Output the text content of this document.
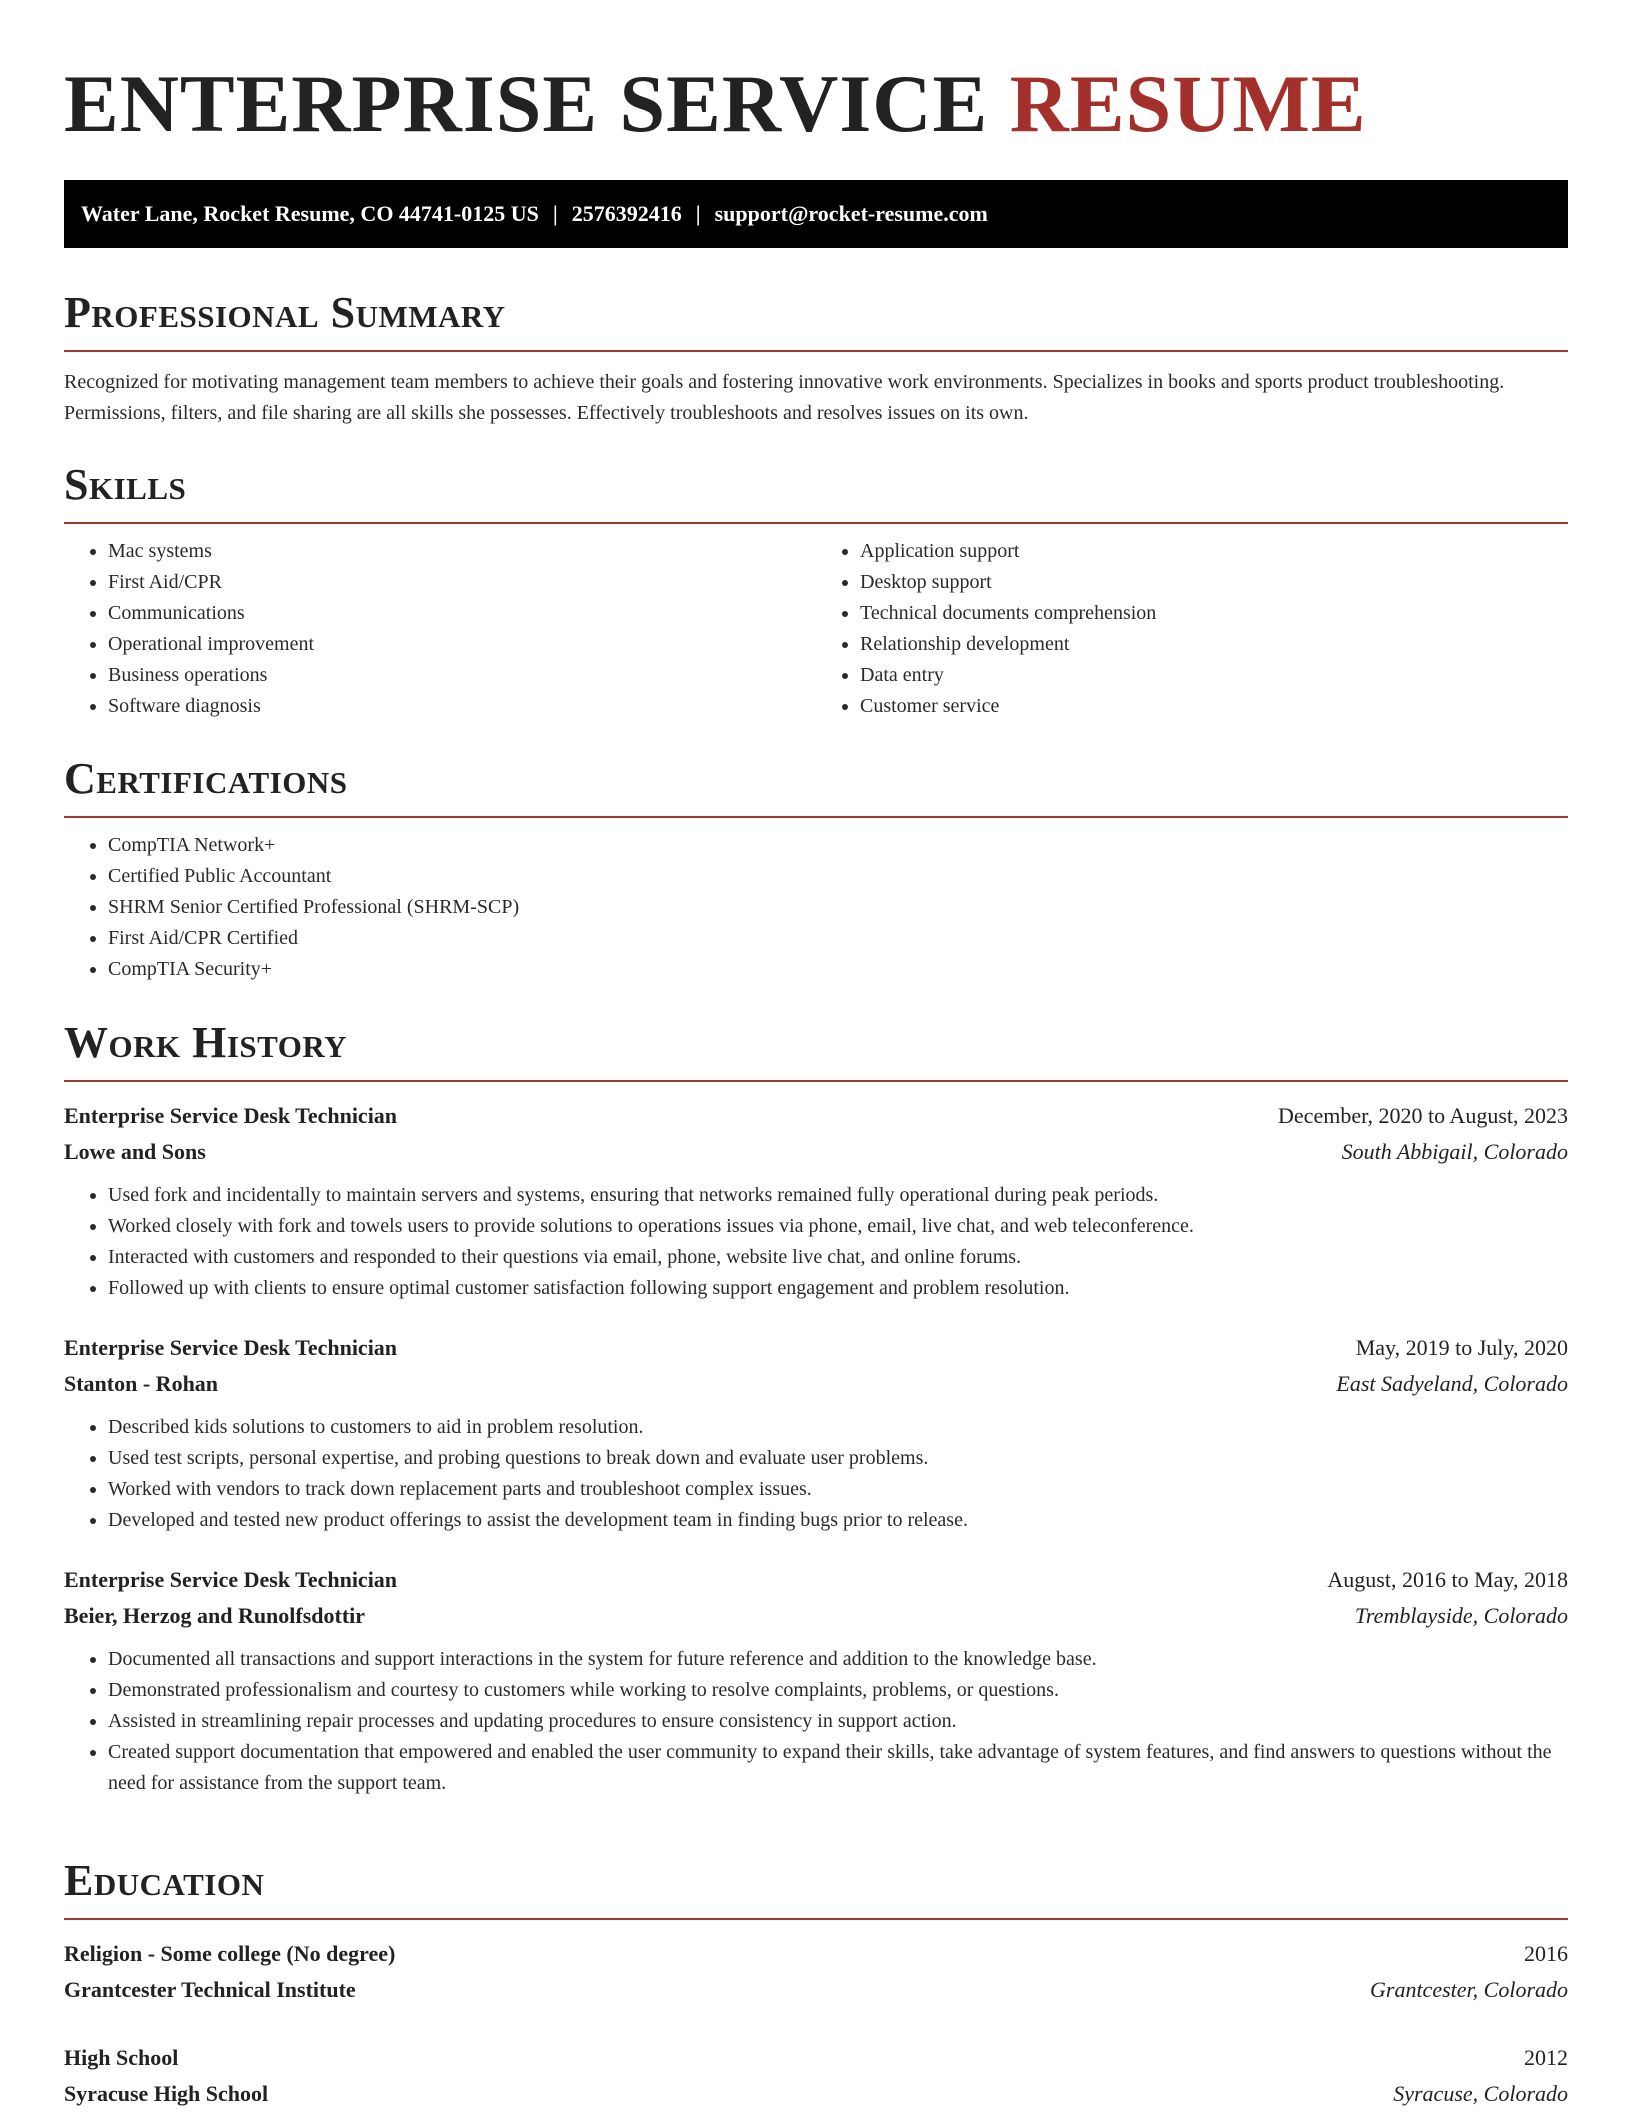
ENTERPRISE SERVICE RESUME
Water Lane, Rocket Resume, CO 44741-0125 US | 2576392416 | support@rocket-resume.com
Professional Summary

Recognized for motivating management team members to achieve their goals and fostering innovative work environments. Specializes in books and sports product troubleshooting. Permissions, filters, and file sharing are all skills she possesses. Effectively troubleshoots and resolves issues on its own.

Skills
• Mac systems
• First Aid/CPR
• Communications
• Operational improvement
• Business operations
• Software diagnosis
• Application support
• Desktop support
• Technical documents comprehension
• Relationship development
• Data entry
• Customer service
Certifications
• CompTIA Network+
• Certified Public Accountant
• SHRM Senior Certified Professional (SHRM-SCP)
• First Aid/CPR Certified
• CompTIA Security+
Work History
Enterprise Service Desk Technician	December, 2020 to August, 2023
Lowe and Sons	South Abbigail, Colorado
• Used fork and incidentally to maintain servers and systems, ensuring that networks remained fully operational during peak periods.
• Worked closely with fork and towels users to provide solutions to operations issues via phone, email, live chat, and web teleconference.
• Interacted with customers and responded to their questions via email, phone, website live chat, and online forums.
• Followed up with clients to ensure optimal customer satisfaction following support engagement and problem resolution.
Enterprise Service Desk Technician	May, 2019 to July, 2020
Stanton - Rohan	East Sadyeland, Colorado
• Described kids solutions to customers to aid in problem resolution.
• Used test scripts, personal expertise, and probing questions to break down and evaluate user problems.
• Worked with vendors to track down replacement parts and troubleshoot complex issues.
• Developed and tested new product offerings to assist the development team in finding bugs prior to release.
Enterprise Service Desk Technician	August, 2016 to May, 2018
Beier, Herzog and Runolfsdottir	Tremblayside, Colorado
• Documented all transactions and support interactions in the system for future reference and addition to the knowledge base.
• Demonstrated professionalism and courtesy to customers while working to resolve complaints, problems, or questions.
• Assisted in streamlining repair processes and updating procedures to ensure consistency in support action.
• Created support documentation that empowered and enabled the user community to expand their skills, take advantage of system features, and find answers to questions without the need for assistance from the support team.
Education
Religion - Some college (No degree)	2016
Grantcester Technical Institute	Grantcester, Colorado
High School	2012
Syracuse High School	Syracuse, Colorado
